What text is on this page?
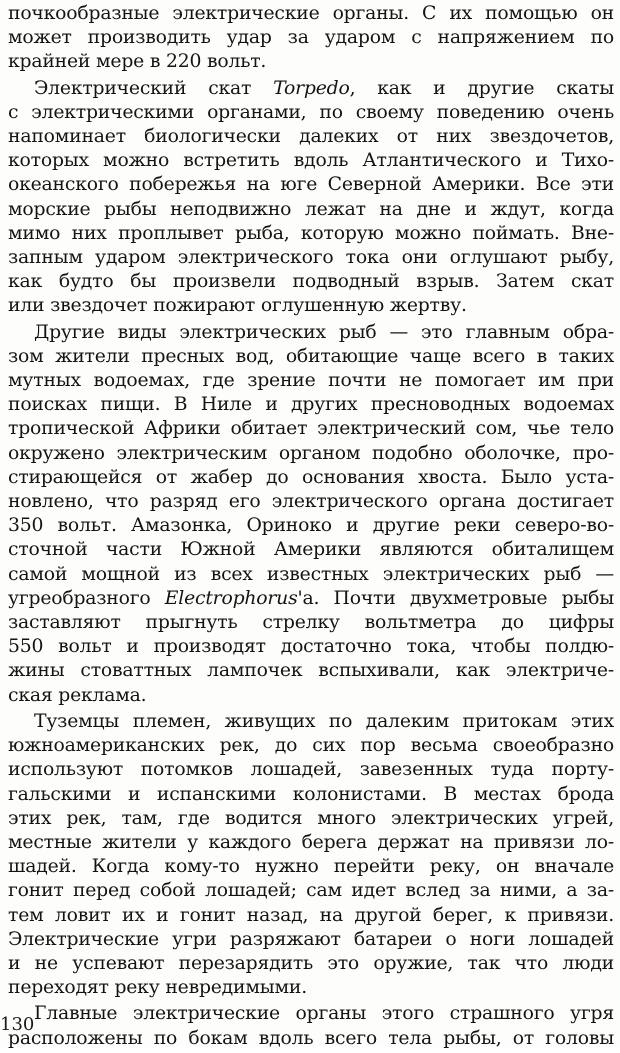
почкообразные электрические органы. С их помощью он
может производить удар за ударом с напряжением по
крайней мере в 220 вольт.
Электрический скат Torpedo, как и другие скаты
с электрическими органами, по своему поведению очень
напоминает биологически далеких от них звездочетов,
которых можно встретить вдоль Атлантического и Тихо-
океанского побережья на юге Северной Америки. Все эти
морские рыбы неподвижно лежат на дне и ждут, когда
мимо них проплывет рыба, которую можно поймать. Вне-
запным ударом электрического тока они оглушают рыбу,
как будто бы произвели подводный взрыв. Затем скат
или звездочет пожирают оглушенную жертву.
Другие виды электрических рыб — это главным обра-
зом жители пресных вод, обитающие чаще всего в таких
мутных водоемах, где зрение почти не помогает им при
поисках пищи. В Ниле и других пресноводных водоемах
тропической Африки обитает электрический сом, чье тело
окружено электрическим органом подобно оболочке, про-
стирающейся от жабер до основания хвоста. Было уста-
новлено, что разряд его электрического органа достигает
350 вольт. Амазонка, Ориноко и другие реки северо-во-
сточной части Южной Америки являются обиталищем
самой мощной из всех известных электрических рыб —
угреобразного Electrophorus'а. Почти двухметровые рыбы
заставляют прыгнуть стрелку вольтметра до цифры
550 вольт и производят достаточно тока, чтобы полдю-
жины стоваттных лампочек вспыхивали, как электриче-
ская реклама.
Туземцы племен, живущих по далеким притокам этих
южноамериканских рек, до сих пор весьма своеобразно
используют потомков лошадей, завезенных туда порту-
гальскими и испанскими колонистами. В местах брода
этих рек, там, где водится много электрических угрей,
местные жители у каждого берега держат на привязи ло-
шадей. Когда кому-то нужно перейти реку, он вначале
гонит перед собой лошадей; сам идет вслед за ними, а за-
тем ловит их и гонит назад, на другой берег, к привязи.
Электрические угри разряжают батареи о ноги лошадей
и не успевают перезарядить это оружие, так что люди
переходят реку невредимыми.
Главные электрические органы этого страшного угря
расположены по бокам вдоль всего тела рыбы, от головы
130
